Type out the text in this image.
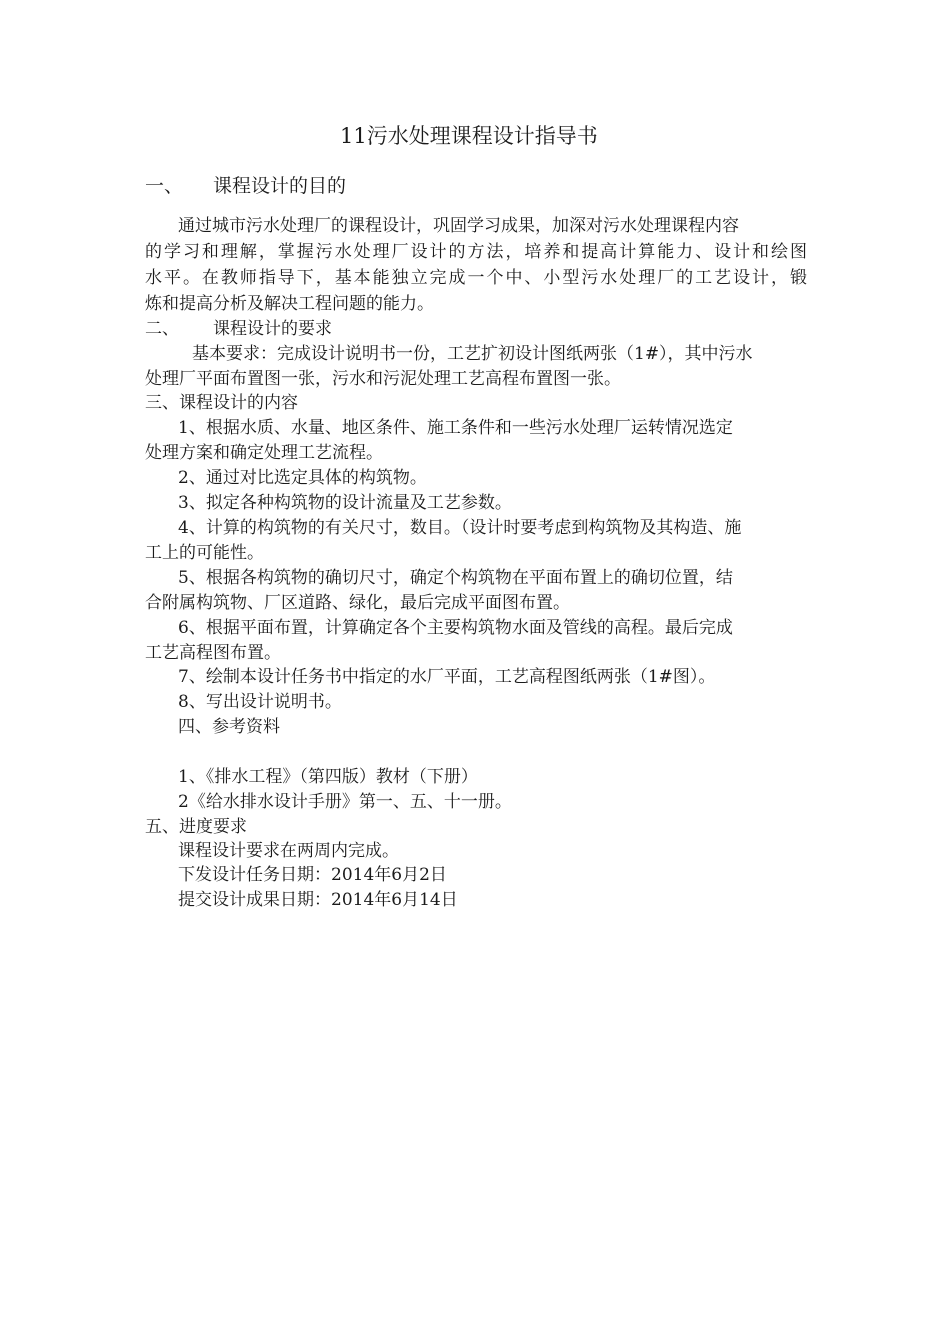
11污水处理课程设计指导书
一、 课程设计的目的
通过城市污水处理厂的课程设计，巩固学习成果，加深对污水处理课程内容
的学习和理解，掌握污水处理厂设计的方法，培养和提高计算能力、设计和绘图
水平。在教师指导下，基本能独立完成一个中、小型污水处理厂的工艺设计，锻
炼和提高分析及解决工程问题的能力。
二、 课程设计的要求
基本要求：完成设计说明书一份，工艺扩初设计图纸两张（1#），其中污水
处理厂平面布置图一张，污水和污泥处理工艺高程布置图一张。
三、课程设计的内容
1、根据水质、水量、地区条件、施工条件和一些污水处理厂运转情况选定
处理方案和确定处理工艺流程。
2、通过对比选定具体的构筑物。
3、拟定各种构筑物的设计流量及工艺参数。
4、计算的构筑物的有关尺寸，数目。（设计时要考虑到构筑物及其构造、施
工上的可能性。
5、根据各构筑物的确切尺寸，确定个构筑物在平面布置上的确切位置，结
合附属构筑物、厂区道路、绿化，最后完成平面图布置。
6、根据平面布置，计算确定各个主要构筑物水面及管线的高程。最后完成
工艺高程图布置。
7、绘制本设计任务书中指定的水厂平面，工艺高程图纸两张（1#图）。
8、写出设计说明书。
四、参考资料
1、《排水工程》（第四版）教材（下册）
2《给水排水设计手册》第一、五、十一册。
五、进度要求
课程设计要求在两周内完成。
下发设计任务日期：2014年6月2日
提交设计成果日期：2014年6月14日
